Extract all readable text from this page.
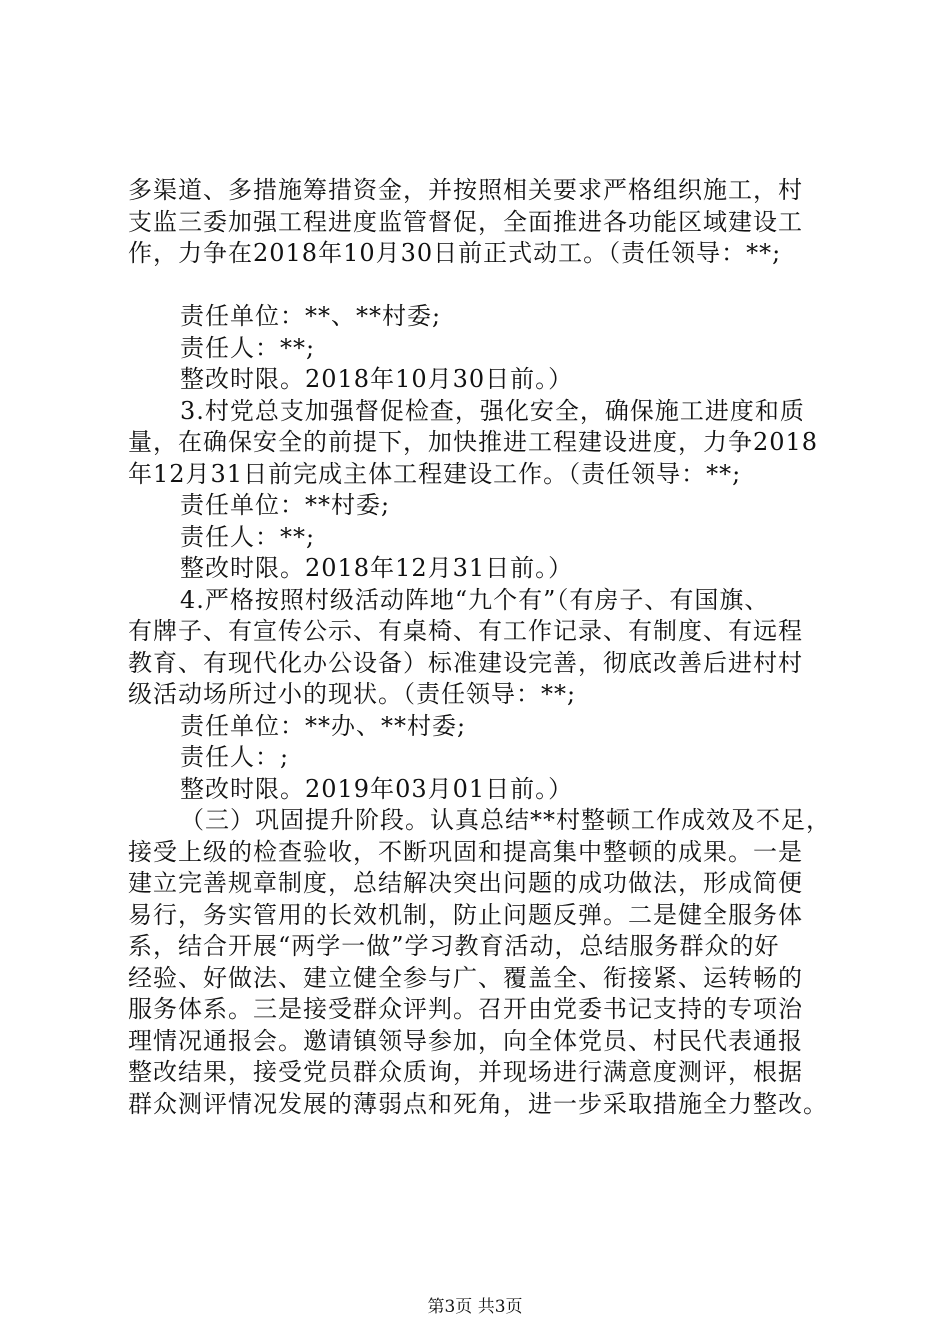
多渠道、多措施筹措资金，并按照相关要求严格组织施工，村
支监三委加强工程进度监管督促，全面推进各功能区域建设工
作，力争在2018年10月30日前正式动工。（责任领导：**;
责任单位：**、**村委;
责任人：**;
整改时限。2018年10月30日前。）
3.村党总支加强督促检查，强化安全，确保施工进度和质
量，在确保安全的前提下，加快推进工程建设进度，力争2018
年12月31日前完成主体工程建设工作。（责任领导：**;
责任单位：**村委;
责任人：**;
整改时限。2018年12月31日前。）
4.严格按照村级活动阵地“九个有”（有房子、有国旗、
有牌子、有宣传公示、有桌椅、有工作记录、有制度、有远程
教育、有现代化办公设备）标准建设完善，彻底改善后进村村
级活动场所过小的现状。（责任领导：**;
责任单位：**办、**村委;
责任人：;
整改时限。2019年03月01日前。）
（三）巩固提升阶段。认真总结**村整顿工作成效及不足，
接受上级的检查验收，不断巩固和提高集中整顿的成果。一是
建立完善规章制度，总结解决突出问题的成功做法，形成简便
易行，务实管用的长效机制，防止问题反弹。二是健全服务体
系，结合开展“两学一做”学习教育活动，总结服务群众的好
经验、好做法、建立健全参与广、覆盖全、衔接紧、运转畅的
服务体系。三是接受群众评判。召开由党委书记支持的专项治
理情况通报会。邀请镇领导参加，向全体党员、村民代表通报
整改结果，接受党员群众质询，并现场进行满意度测评，根据
群众测评情况发展的薄弱点和死角，进一步采取措施全力整改。
第3页 共3页
